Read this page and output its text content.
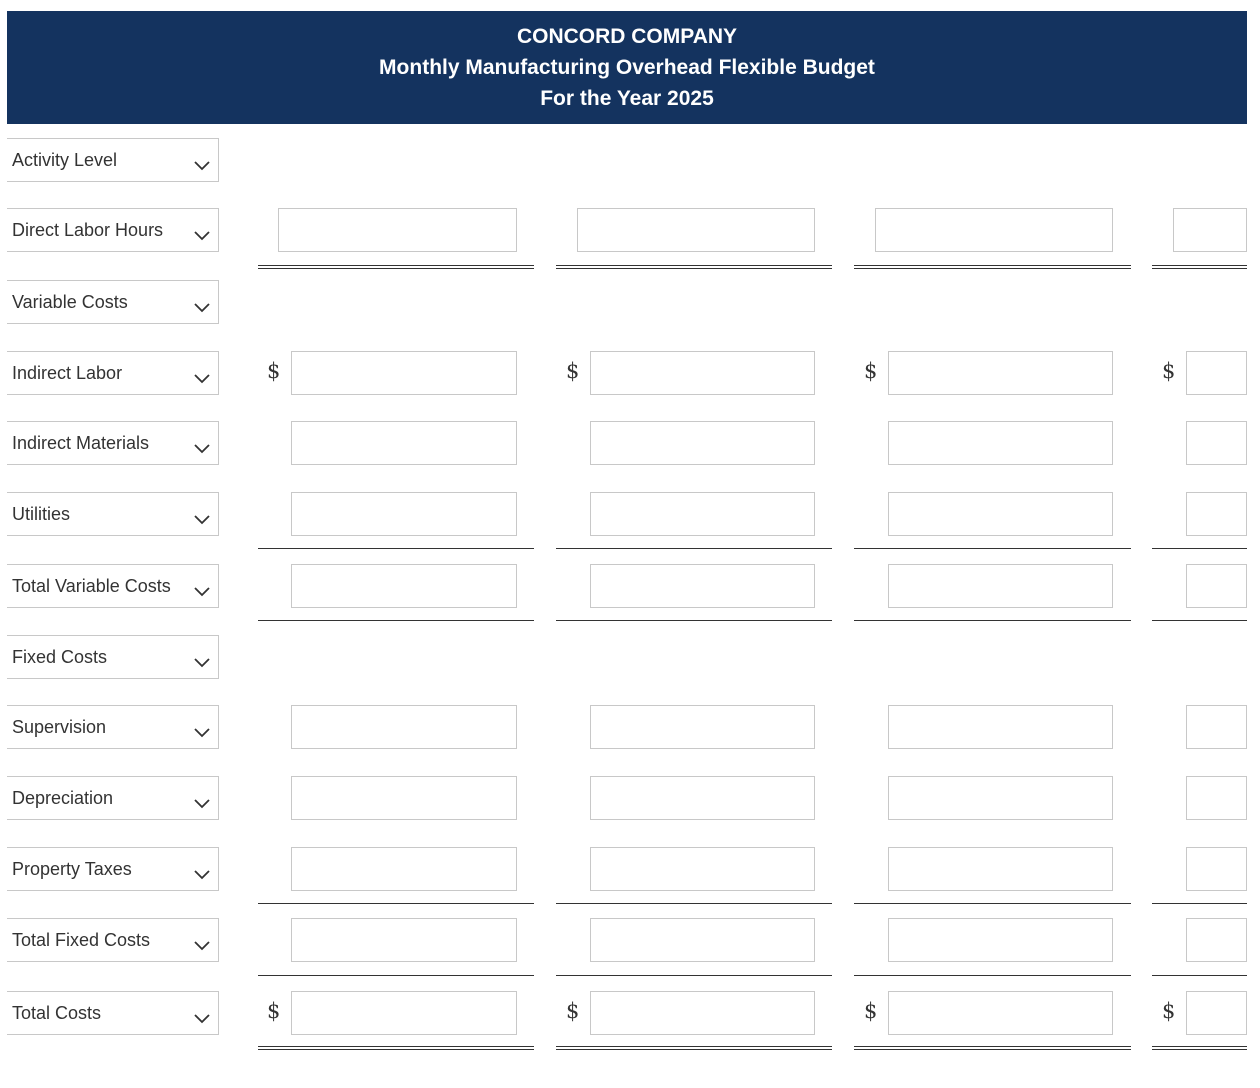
CONCORD COMPANY
Monthly Manufacturing Overhead Flexible Budget
For the Year 2025
Activity Level
Direct Labor Hours
Variable Costs
Indirect Labor	$	$	$	$
Indirect Materials
Utilities
Total Variable Costs
Fixed Costs
Supervision
Depreciation
Property Taxes
Total Fixed Costs
Total Costs	$	$	$	$
